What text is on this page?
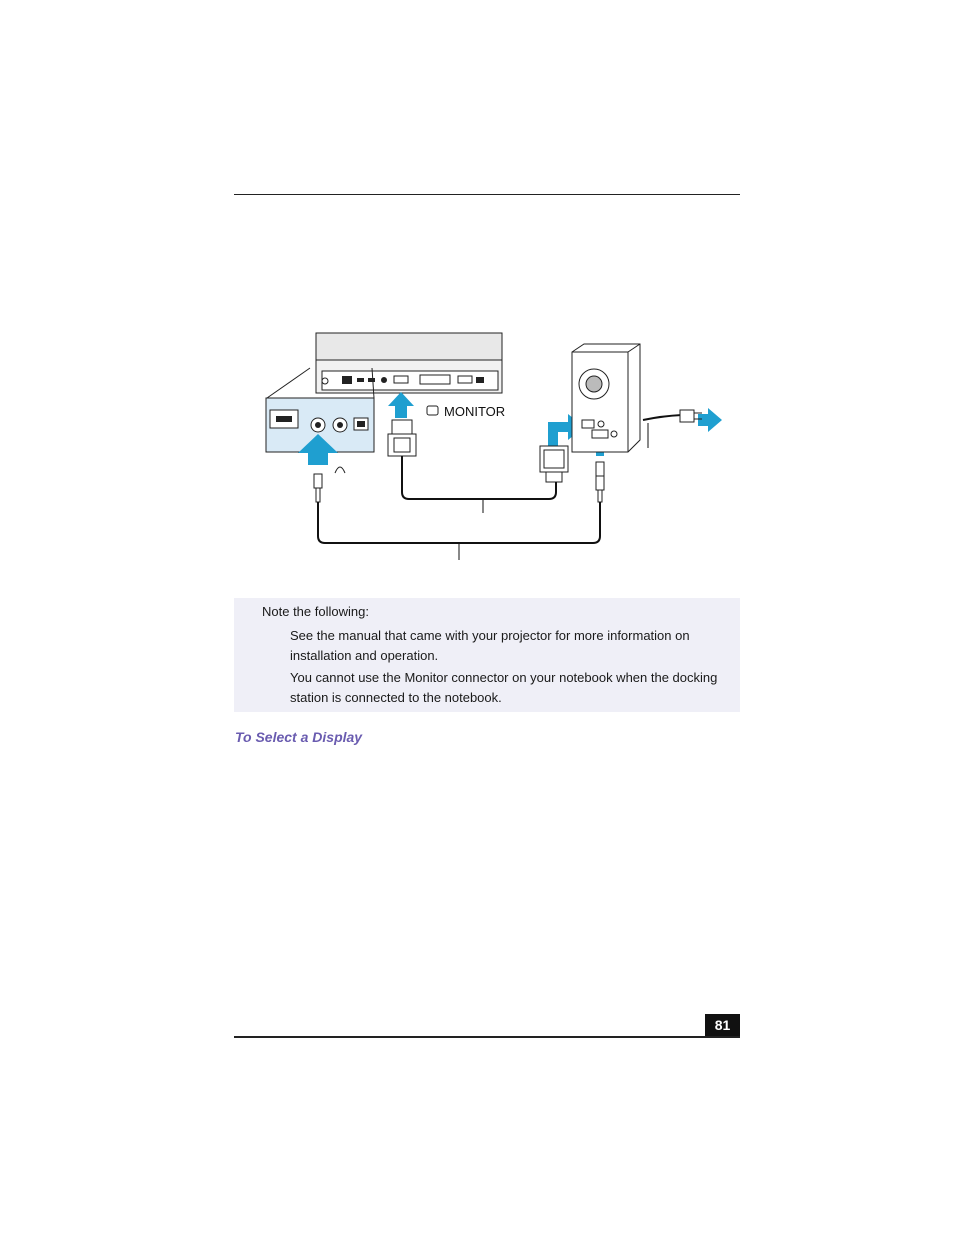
MONITOR
Note the following:
See the manual that came with your projector for more information on installation and operation.
You cannot use the Monitor connector on your notebook when the docking station is connected to the notebook.
To Select a Display
81
